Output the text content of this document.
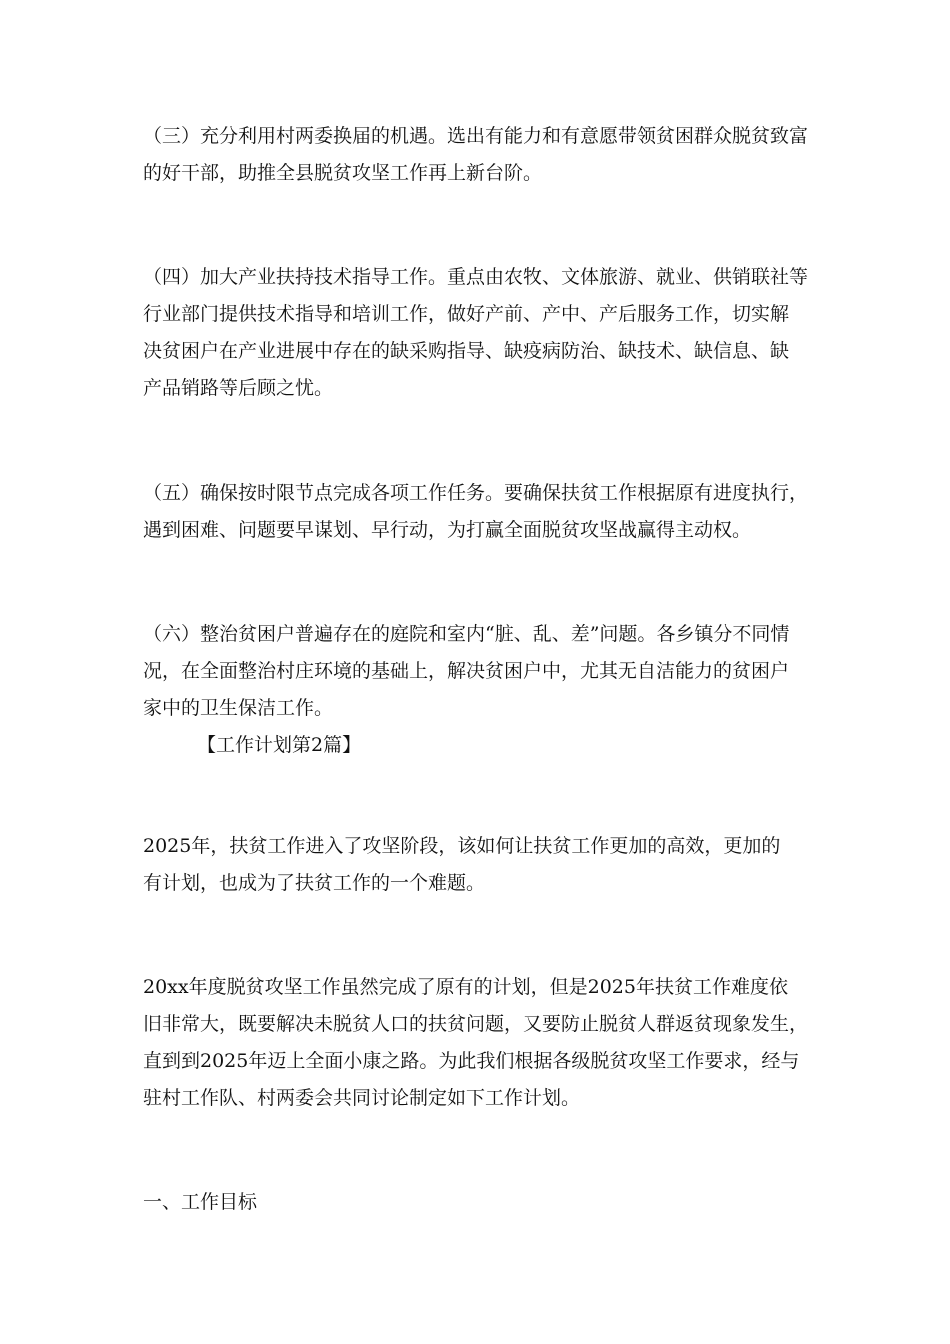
（三）充分利用村两委换届的机遇。选出有能力和有意愿带领贫困群众脱贫致富
的好干部，助推全县脱贫攻坚工作再上新台阶。
（四）加大产业扶持技术指导工作。重点由农牧、文体旅游、就业、供销联社等
行业部门提供技术指导和培训工作，做好产前、产中、产后服务工作，切实解
决贫困户在产业进展中存在的缺采购指导、缺疫病防治、缺技术、缺信息、缺
产品销路等后顾之忧。
（五）确保按时限节点完成各项工作任务。要确保扶贫工作根据原有进度执行，
遇到困难、问题要早谋划、早行动，为打赢全面脱贫攻坚战赢得主动权。
（六）整治贫困户普遍存在的庭院和室内“脏、乱、差”问题。各乡镇分不同情
况，在全面整治村庄环境的基础上，解决贫困户中，尤其无自洁能力的贫困户
家中的卫生保洁工作。
【工作计划第2篇】
2025年，扶贫工作进入了攻坚阶段，该如何让扶贫工作更加的高效，更加的
有计划，也成为了扶贫工作的一个难题。
20xx年度脱贫攻坚工作虽然完成了原有的计划，但是2025年扶贫工作难度依
旧非常大，既要解决未脱贫人口的扶贫问题，又要防止脱贫人群返贫现象发生，
直到到2025年迈上全面小康之路。为此我们根据各级脱贫攻坚工作要求，经与
驻村工作队、村两委会共同讨论制定如下工作计划。
一、工作目标
